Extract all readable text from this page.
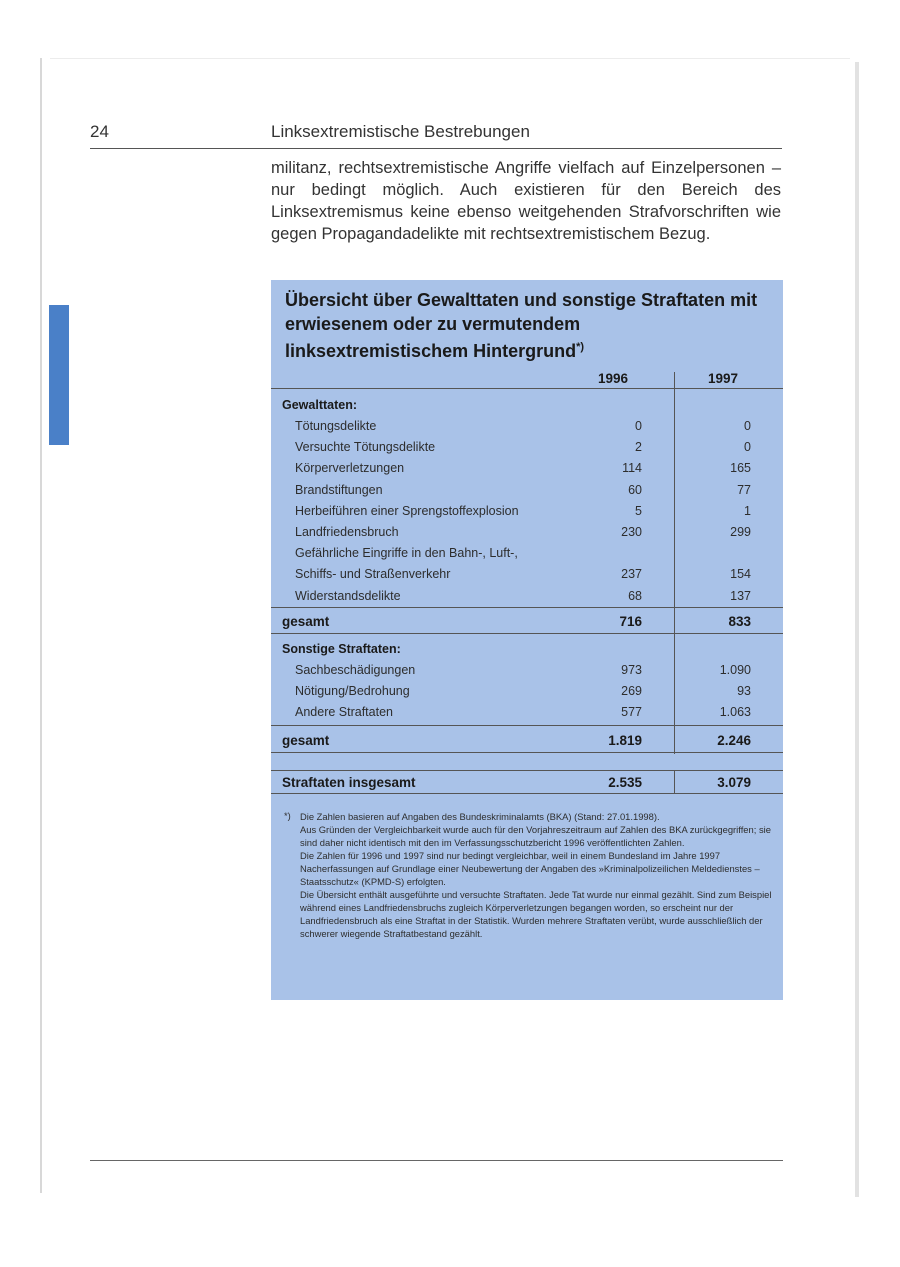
24	Linksextremistische Bestrebungen
militanz, rechtsextremistische Angriffe vielfach auf Einzelpersonen – nur bedingt möglich. Auch existieren für den Bereich des Linksextremismus keine ebenso weitgehenden Strafvorschriften wie gegen Propagandadelikte mit rechtsextremistischem Bezug.
Übersicht über Gewalttaten und sonstige Straftaten mit erwiesenem oder zu vermutendem linksextremistischem Hintergrund*)
1996	1997
Gewalttaten:
Tötungsdelikte	0	0
Versuchte Tötungsdelikte	2	0
Körperverletzungen	114	165
Brandstiftungen	60	77
Herbeiführen einer Sprengstoffexplosion	5	1
Landfriedensbruch	230	299
Gefährliche Eingriffe in den Bahn-, Luft-,
Schiffs- und Straßenverkehr	237	154
Widerstandsdelikte	68	137
gesamt	716	833
Sonstige Straftaten:
Sachbeschädigungen	973	1.090
Nötigung/Bedrohung	269	93
Andere Straftaten	577	1.063
gesamt	1.819	2.246
Straftaten insgesamt	2.535	3.079
*) Die Zahlen basieren auf Angaben des Bundeskriminalamts (BKA) (Stand: 27.01.1998).

Aus Gründen der Vergleichbarkeit wurde auch für den Vorjahreszeitraum auf Zahlen des BKA zurückgegriffen; sie sind daher nicht identisch mit den im Verfassungsschutzbericht 1996 veröffentlichten Zahlen.

Die Zahlen für 1996 und 1997 sind nur bedingt vergleichbar, weil in einem Bundesland im Jahre 1997 Nacherfassungen auf Grundlage einer Neubewertung der Angaben des »Kriminalpolizeilichen Meldedienstes – Staatsschutz« (KPMD-S) erfolgten.

Die Übersicht enthält ausgeführte und versuchte Straftaten. Jede Tat wurde nur einmal gezählt. Sind zum Beispiel während eines Landfriedensbruchs zugleich Körperverletzungen begangen worden, so erscheint nur der Landfriedensbruch als eine Straftat in der Statistik. Wurden mehrere Straftaten verübt, wurde ausschließlich der schwerer wiegende Straftatbestand gezählt.
